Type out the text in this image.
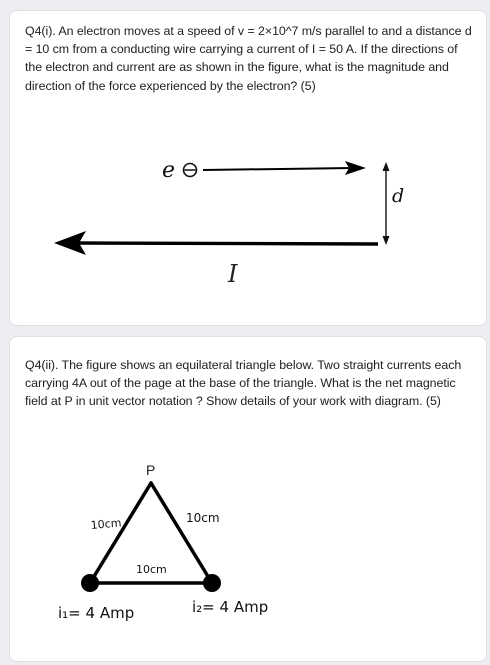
Q4(i). An electron moves at a speed of v = 2×10^7 m/s parallel to and a distance d = 10 cm from a conducting wire carrying a current of I = 50 A. If the directions of the electron and current are as shown in the figure, what is the magnitude and direction of the force experienced by the electron? (5)
e
d
I
Q4(ii). The figure shows an equilateral triangle below. Two straight currents each carrying 4A out of the page at the base of the triangle. What is the net magnetic field at P in unit vector notation ? Show details of your work with diagram. (5)
P
10cm	10cm
10cm
i₁= 4 Amp	i₂= 4 Amp
